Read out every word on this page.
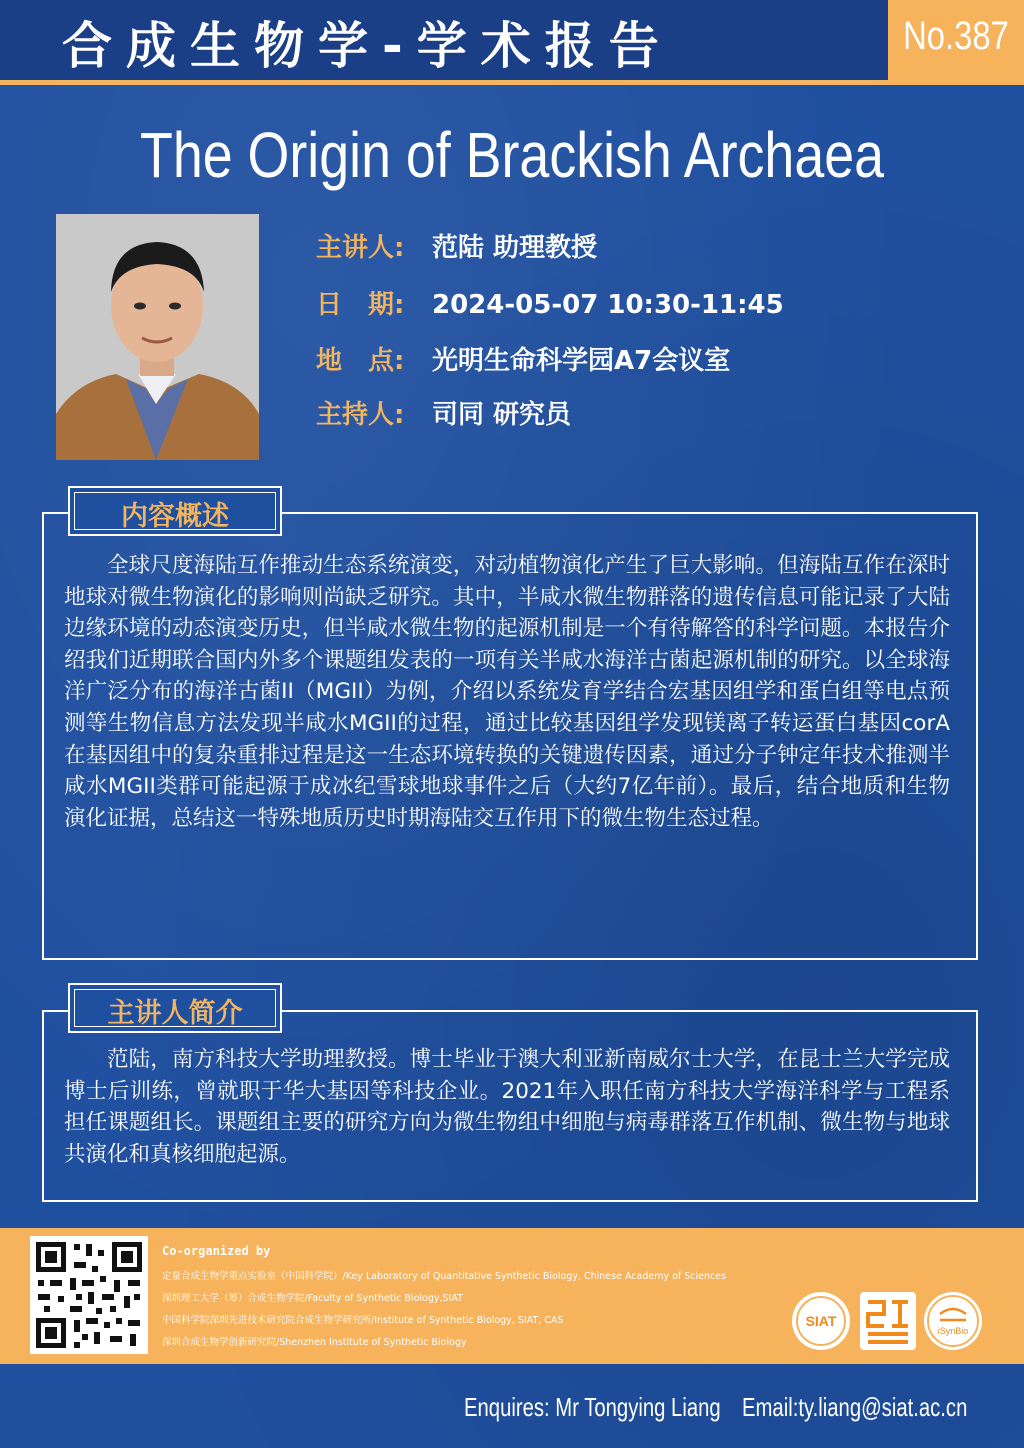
合成生物学-学术报告	No.387
The Origin of Brackish Archaea
主讲人: 范陆 助理教授
日　期: 2024-05-07 10:30-11:45
地　点: 光明生命科学园A7会议室
主持人: 司同 研究员
全球尺度海陆互作推动生态系统演变，对动植物演化产生了巨大影响。但海陆互作在深时地球对微生物演化的影响则尚缺乏研究。其中，半咸水微生物群落的遗传信息可能记录了大陆边缘环境的动态演变历史，但半咸水微生物的起源机制是一个有待解答的科学问题。本报告介绍我们近期联合国内外多个课题组发表的一项有关半咸水海洋古菌起源机制的研究。以全球海洋广泛分布的海洋古菌II（MGII）为例，介绍以系统发育学结合宏基因组学和蛋白组等电点预测等生物信息方法发现半咸水MGII的过程，通过比较基因组学发现镁离子转运蛋白基因corA在基因组中的复杂重排过程是这一生态环境转换的关键遗传因素，通过分子钟定年技术推测半咸水MGII类群可能起源于成冰纪雪球地球事件之后（大约7亿年前）。最后，结合地质和生物演化证据，总结这一特殊地质历史时期海陆交互作用下的微生物生态过程。
内容概述
范陆，南方科技大学助理教授。博士毕业于澳大利亚新南威尔士大学，在昆士兰大学完成博士后训练，曾就职于华大基因等科技企业。2021年入职任南方科技大学海洋科学与工程系担任课题组长。课题组主要的研究方向为微生物组中细胞与病毒群落互作机制、微生物与地球共演化和真核细胞起源。
主讲人简介
Co-organized by
定量合成生物学重点实验室（中国科学院）/Key Laboratory of Quantitative Synthetic Biology, Chinese Academy of Sciences
深圳理工大学（筹）合成生物学院/Faculty of Synthetic Biology,SIAT
中国科学院深圳先进技术研究院合成生物学研究所/Institute of Synthetic Biology, SIAT, CAS
深圳合成生物学创新研究院/Shenzhen Institute of Synthetic Biology
SIAT
iSynBio
Enquires: Mr Tongying Liang Email:ty.liang@siat.ac.cn
